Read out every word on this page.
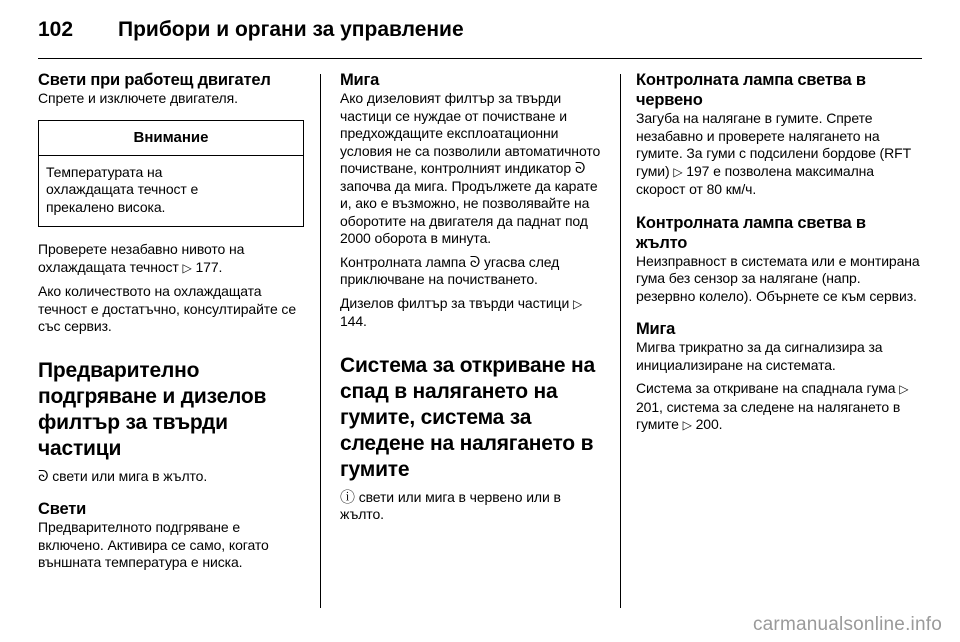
102 Прибори и органи за управление
Свети при работещ двигател

Спрете и изключете двигателя.

Внимание

Температурата на

охлаждащата течност е

прекалено висока.

Проверете незабавно нивото на охлаждащата течност ▷ 177.

Ако количеството на охлаждащата течност е достатъчно, консултирайте се със сервиз.

Предварително подгряване и дизелов филтър за твърди частици

ᘐ свети или мига в жълто.

Свети

Предварителното подгряване е включено. Активира се само, когато външната температура е ниска.

Мига

Ако дизеловият филтър за твърди частици се нуждае от почистване и предхождащите експлоатационни условия не са позволили автоматичното почистване, контролният индикатор ᘐ започва да мига. Продължете да карате и, ако е възможно, не позволявайте на оборотите на двигателя да паднат под 2000 оборота в минута.

Контролната лампа ᘐ угасва след приключване на почистването.

Дизелов филтър за твърди частици ▷ 144.

Система за откриване на спад в налягането на гумите, система за следене на налягането в гумите

ⓘ свети или мига в червено или в жълто.

Контролната лампа светва в червено

Загуба на налягане в гумите. Спрете незабавно и проверете налягането на гумите. За гуми с подсилени бордове (RFT гуми) ▷ 197 е позволена максимална скорост от 80 км/ч.

Контролната лампа светва в жълто

Неизправност в системата или е монтирана гума без сензор за налягане (напр. резервно колело). Обърнете се към сервиз.

Мига

Мигва трикратно за да сигнализира за инициализиране на системата.

Система за откриване на спаднала гума ▷ 201, система за следене на налягането в гумите ▷ 200.

carmanualsonline.info
